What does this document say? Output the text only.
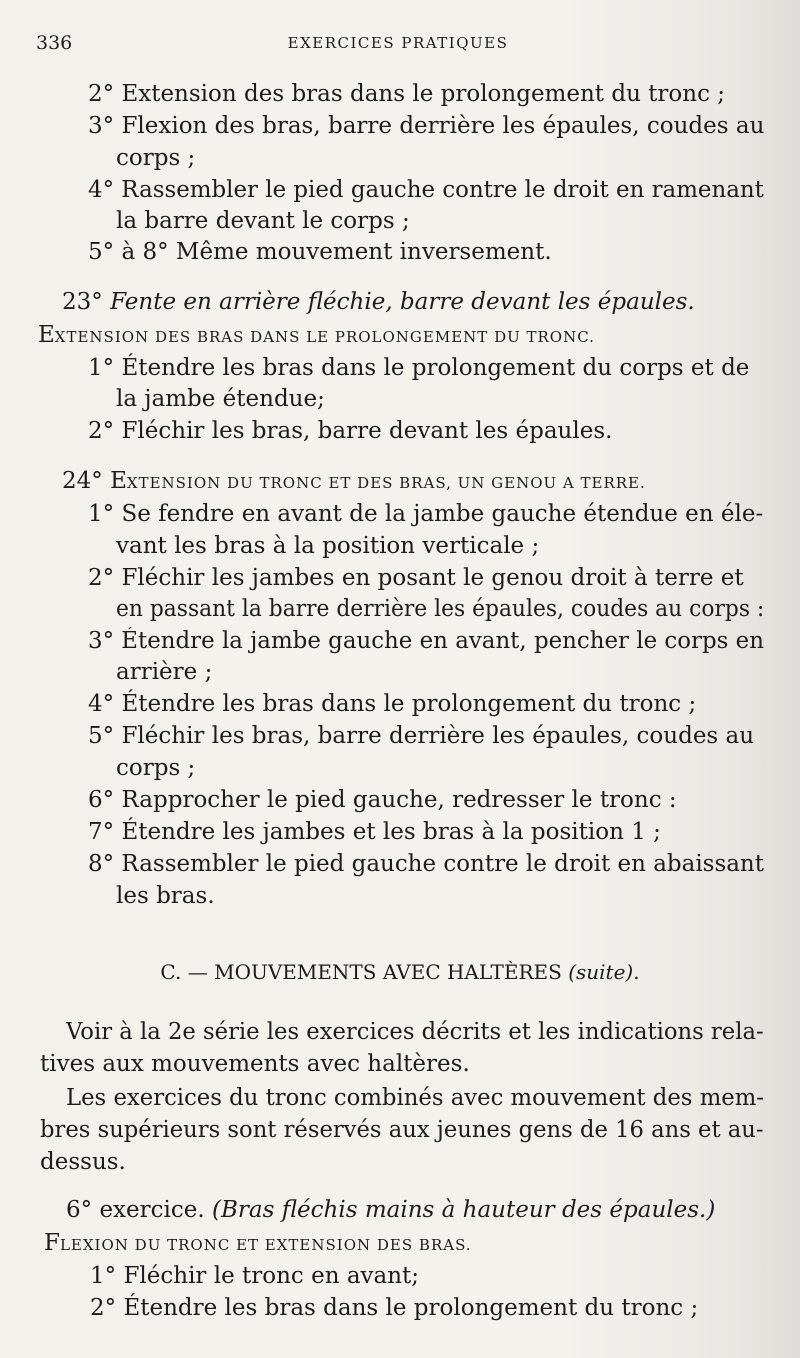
336	EXERCICES PRATIQUES
2° Extension des bras dans le prolongement du tronc ;
3° Flexion des bras, barre derrière les épaules, coudes au
corps ;
4° Rassembler le pied gauche contre le droit en ramenant
la barre devant le corps ;
5° à 8° Même mouvement inversement.
23° Fente en arrière fléchie, barre devant les épaules.
EXTENSION DES BRAS DANS LE PROLONGEMENT DU TRONC.
1° Étendre les bras dans le prolongement du corps et de
la jambe étendue;
2° Fléchir les bras, barre devant les épaules.
24° EXTENSION DU TRONC ET DES BRAS, UN GENOU A TERRE.
1° Se fendre en avant de la jambe gauche étendue en éle-
vant les bras à la position verticale ;
2° Fléchir les jambes en posant le genou droit à terre et
en passant la barre derrière les épaules, coudes au corps :
3° Étendre la jambe gauche en avant, pencher le corps en
arrière ;
4° Étendre les bras dans le prolongement du tronc ;
5° Fléchir les bras, barre derrière les épaules, coudes au
corps ;
6° Rapprocher le pied gauche, redresser le tronc :
7° Étendre les jambes et les bras à la position 1 ;
8° Rassembler le pied gauche contre le droit en abaissant
les bras.
C. — MOUVEMENTS AVEC HALTÈRES (suite).
Voir à la 2e série les exercices décrits et les indications rela-
tives aux mouvements avec haltères.
Les exercices du tronc combinés avec mouvement des mem-
bres supérieurs sont réservés aux jeunes gens de 16 ans et au-
dessus.
6° exercice. (Bras fléchis mains à hauteur des épaules.)
FLEXION DU TRONC ET EXTENSION DES BRAS.
1° Fléchir le tronc en avant;
2° Étendre les bras dans le prolongement du tronc ;
